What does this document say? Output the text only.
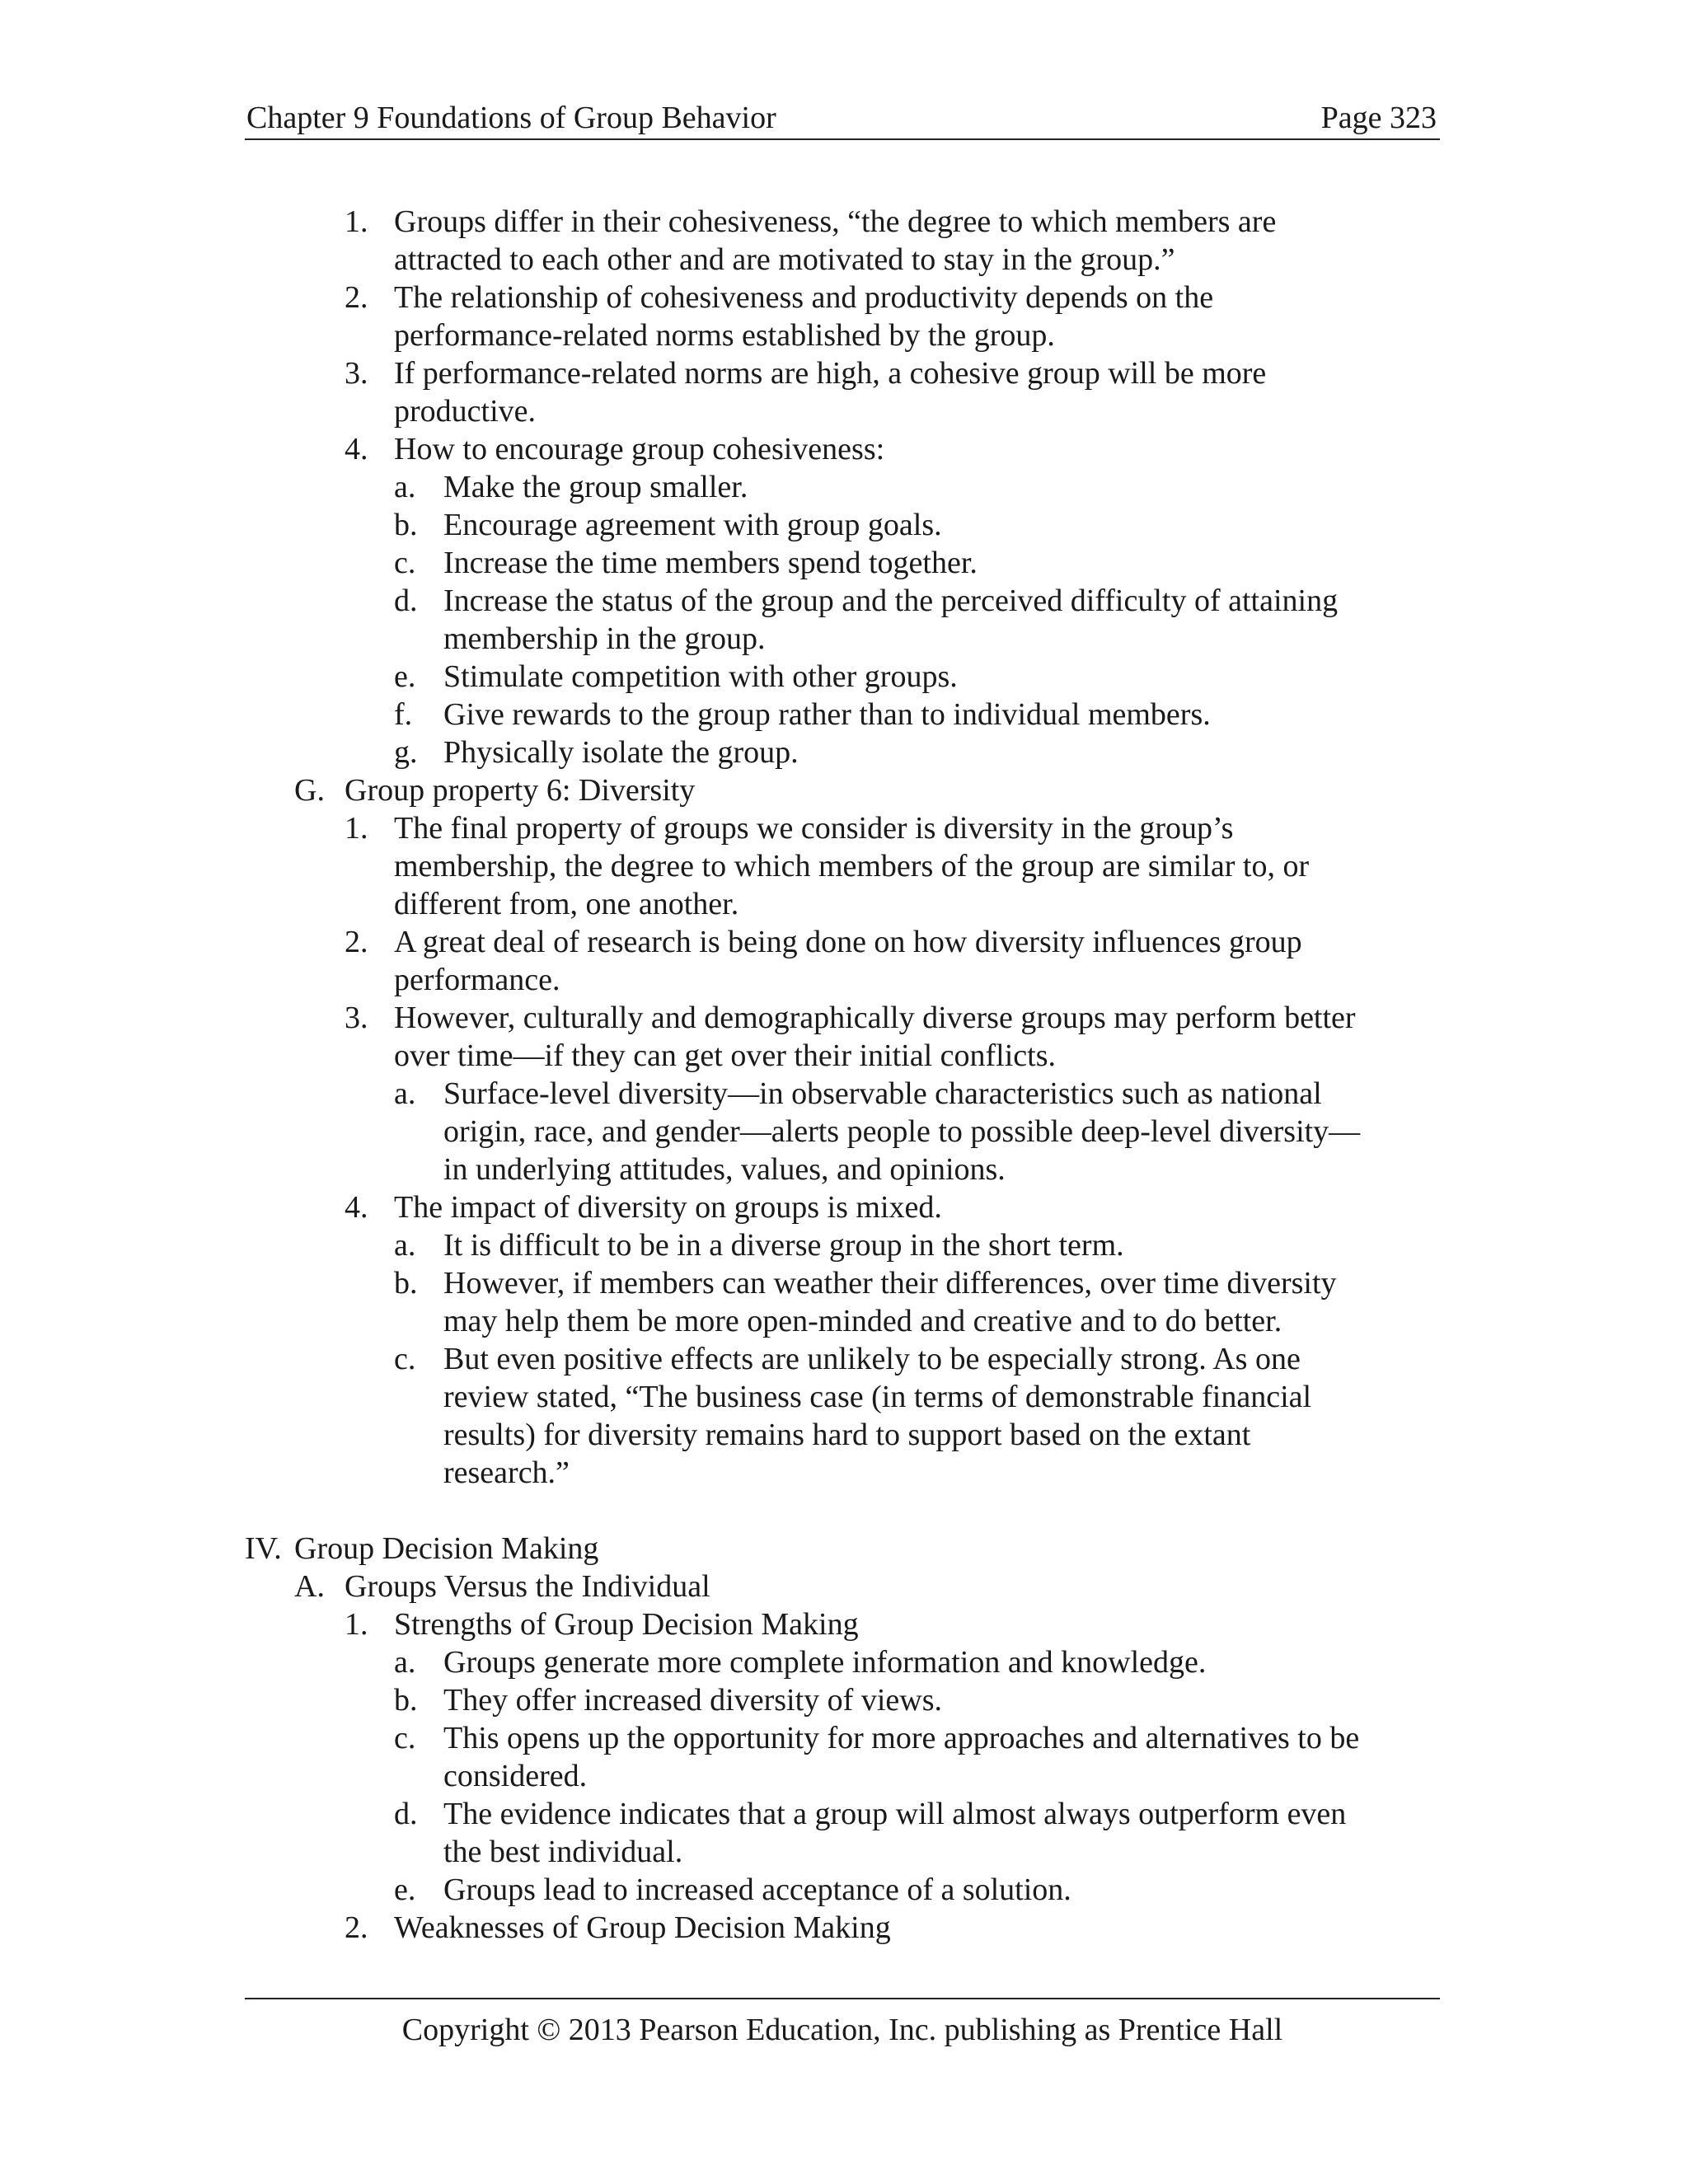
Chapter 9 Foundations of Group Behavior	Page 323
1. Groups differ in their cohesiveness, “the degree to which members are
attracted to each other and are motivated to stay in the group.”
2. The relationship of cohesiveness and productivity depends on the
performance-related norms established by the group.
3. If performance-related norms are high, a cohesive group will be more
productive.
4. How to encourage group cohesiveness:
a. Make the group smaller.
b. Encourage agreement with group goals.
c. Increase the time members spend together.
d. Increase the status of the group and the perceived difficulty of attaining
membership in the group.
e. Stimulate competition with other groups.
f. Give rewards to the group rather than to individual members.
g. Physically isolate the group.
G. Group property 6: Diversity
1. The final property of groups we consider is diversity in the group’s
membership, the degree to which members of the group are similar to, or
different from, one another.
2. A great deal of research is being done on how diversity influences group
performance.
3. However, culturally and demographically diverse groups may perform better
over time—if they can get over their initial conflicts.
a. Surface-level diversity—in observable characteristics such as national
origin, race, and gender—alerts people to possible deep-level diversity—
in underlying attitudes, values, and opinions.
4. The impact of diversity on groups is mixed.
a. It is difficult to be in a diverse group in the short term.
b. However, if members can weather their differences, over time diversity
may help them be more open-minded and creative and to do better.
c. But even positive effects are unlikely to be especially strong. As one
review stated, “The business case (in terms of demonstrable financial
results) for diversity remains hard to support based on the extant
research.”
IV. Group Decision Making
A. Groups Versus the Individual
1. Strengths of Group Decision Making
a. Groups generate more complete information and knowledge.
b. They offer increased diversity of views.
c. This opens up the opportunity for more approaches and alternatives to be
considered.
d. The evidence indicates that a group will almost always outperform even
the best individual.
e. Groups lead to increased acceptance of a solution.
2. Weaknesses of Group Decision Making
Copyright © 2013 Pearson Education, Inc. publishing as Prentice Hall
